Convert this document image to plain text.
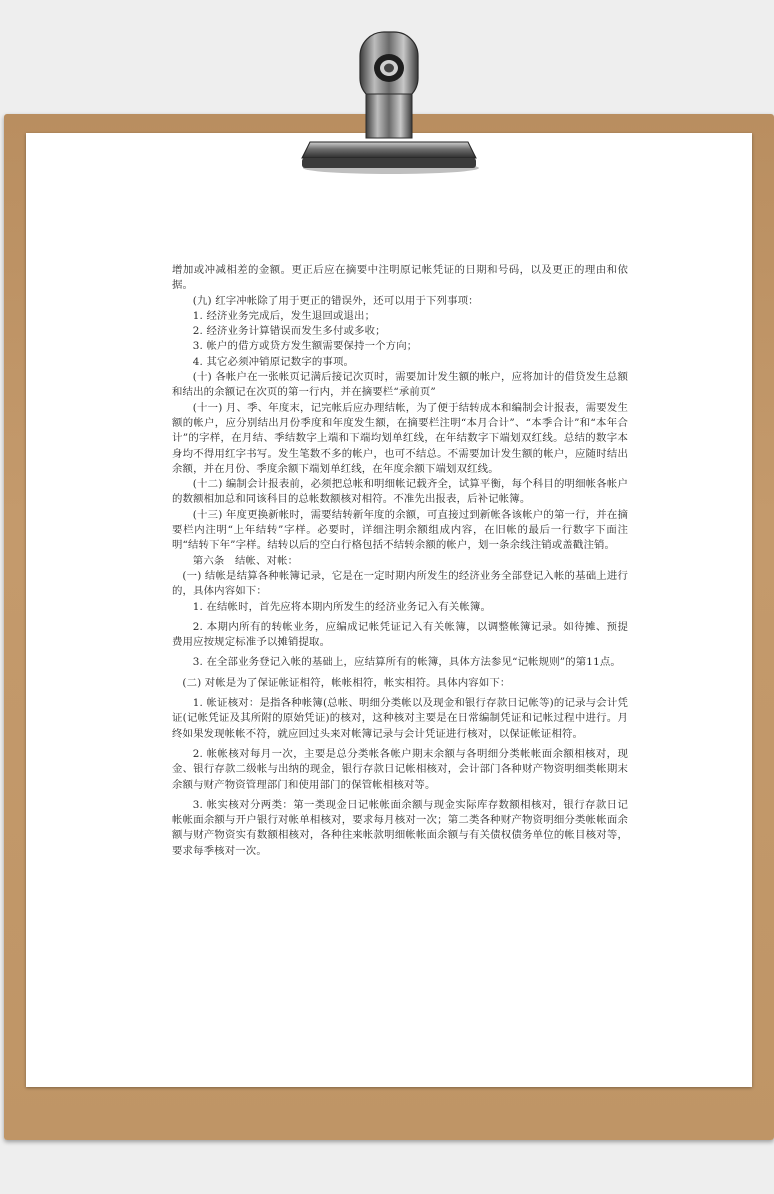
增加或冲减相差的金额。更正后应在摘要中注明原记帐凭证的日期和号码，以及更正的理由和依据。

(九) 红字冲帐除了用于更正的错误外，还可以用于下列事项：

1. 经济业务完成后，发生退回或退出；

2. 经济业务计算错误而发生多付或多收；

3. 帐户的借方或贷方发生额需要保持一个方向；

4. 其它必须冲销原记数字的事项。

(十) 各帐户在一张帐页记满后接记次页时，需要加计发生额的帐户，应将加计的借贷发生总额和结出的余额记在次页的第一行内，并在摘要栏“承前页”

(十一) 月、季、年度末，记完帐后应办理结帐，为了便于结转成本和编制会计报表，需要发生额的帐户，应分别结出月份季度和年度发生额，在摘要栏注明“本月合计”、“本季合计”和“本年合计”的字样，在月结、季结数字上端和下端均划单红线，在年结数字下端划双红线。总结的数字本身均不得用红字书写。发生笔数不多的帐户，也可不结总。不需要加计发生额的帐户，应随时结出余额，并在月份、季度余额下端划单红线，在年度余额下端划双红线。

(十二) 编制会计报表前，必须把总帐和明细帐记载齐全，试算平衡，每个科目的明细帐各帐户的数额相加总和同该科目的总帐数额核对相符。不准先出报表，后补记帐簿。

(十三) 年度更换新帐时，需要结转新年度的余额，可直接过到新帐各该帐户的第一行，并在摘要栏内注明“上年结转”字样。必要时，详细注明余额组成内容，在旧帐的最后一行数字下面注明“结转下年”字样。结转以后的空白行格包括不结转余额的帐户，划一条余线注销或盖戳注销。

第六条　结帐、对帐：

(一) 结帐是结算各种帐簿记录，它是在一定时期内所发生的经济业务全部登记入帐的基础上进行的，具体内容如下：

1. 在结帐时，首先应将本期内所发生的经济业务记入有关帐簿。

2. 本期内所有的转帐业务，应编成记帐凭证记入有关帐簿，以调整帐簿记录。如待摊、预提费用应按规定标准予以摊销提取。

3. 在全部业务登记入帐的基础上，应结算所有的帐簿，具体方法参见“记帐规则”的第11点。

(二) 对帐是为了保证帐证相符，帐帐相符，帐实相符。具体内容如下：

1. 帐证核对：是指各种帐簿(总帐、明细分类帐以及现金和银行存款日记帐等)的记录与会计凭证(记帐凭证及其所附的原始凭证)的核对，这种核对主要是在日常编制凭证和记帐过程中进行。月终如果发现帐帐不符，就应回过头来对帐簿记录与会计凭证进行核对，以保证帐证相符。

2. 帐帐核对每月一次，主要是总分类帐各帐户期末余额与各明细分类帐帐面余额相核对，现金、银行存款二级帐与出纳的现金，银行存款日记帐相核对，会计部门各种财产物资明细类帐期末余额与财产物资管理部门和使用部门的保管帐相核对等。

3. 帐实核对分两类：第一类现金日记帐帐面余额与现金实际库存数额相核对，银行存款日记帐帐面余额与开户银行对帐单相核对，要求每月核对一次；第二类各种财产物资明细分类帐帐面余额与财产物资实有数额相核对，各种往来帐款明细帐帐面余额与有关债权债务单位的帐目核对等，要求每季核对一次。
